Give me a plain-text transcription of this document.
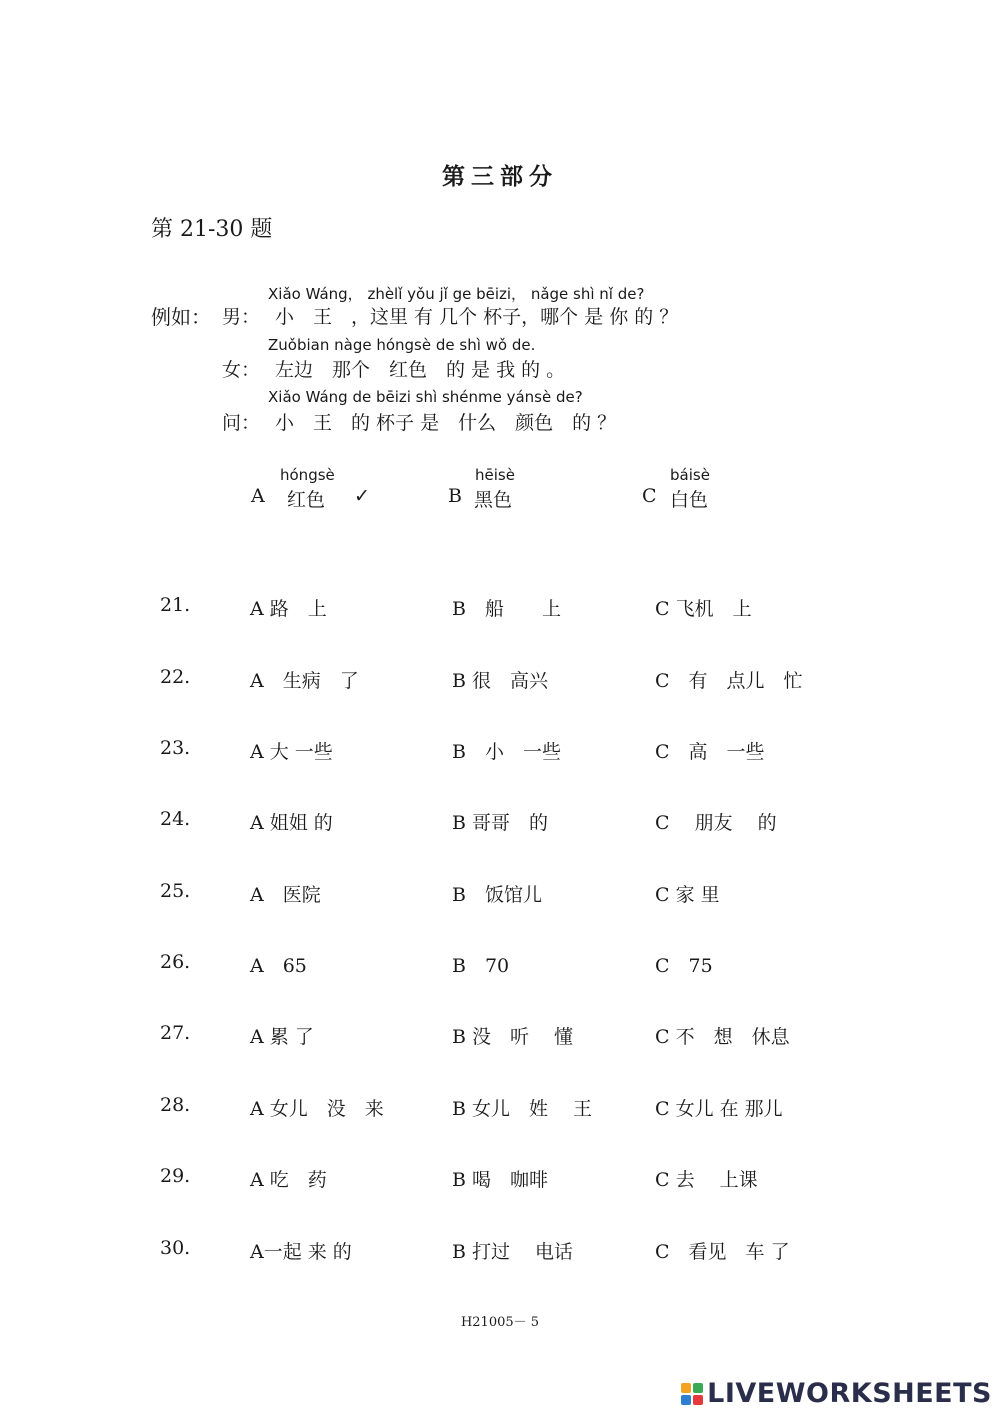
第三部分
第 21-30 题
例如：
Xiǎo Wáng， zhèlǐ yǒu jǐ ge bēizi， nǎge shì nǐ de?
男： 小　王　，这里 有 几个 杯子，哪个 是 你 的 ？
Zuǒbian nàge hóngsè de shì wǒ de.
女： 左边　那个　红色　的 是 我 的 。
Xiǎo Wáng de bēizi shì shénme yánsè de?
问： 小　王　的 杯子 是　什么　颜色　的 ？
hóngsè
A 红色 ✓
hēisè
B 黑色
báisè
C 白色
21.	A 路　上	B　船　　上	C 飞机　上
22.	A　生病　了	B 很　高兴	C　有　点儿　忙
23.	A 大 一些	B　小　一些	C　高　一些
24.	A 姐姐 的	B 哥哥　的	C　 朋友　 的
25.	A　医院	B　饭馆儿	C 家 里
26.	A　65	B　70	C　75
27.	A 累 了	B 没　听　 懂	C 不　想　休息
28.	A 女儿　没　来	B 女儿　姓　 王	C 女儿 在 那儿
29.	A 吃　药	B 喝　咖啡	C 去　 上课
30.	A一起 来 的	B 打过　 电话	C　看见　车 了
H21005－ 5
LIVEWORKSHEETS
